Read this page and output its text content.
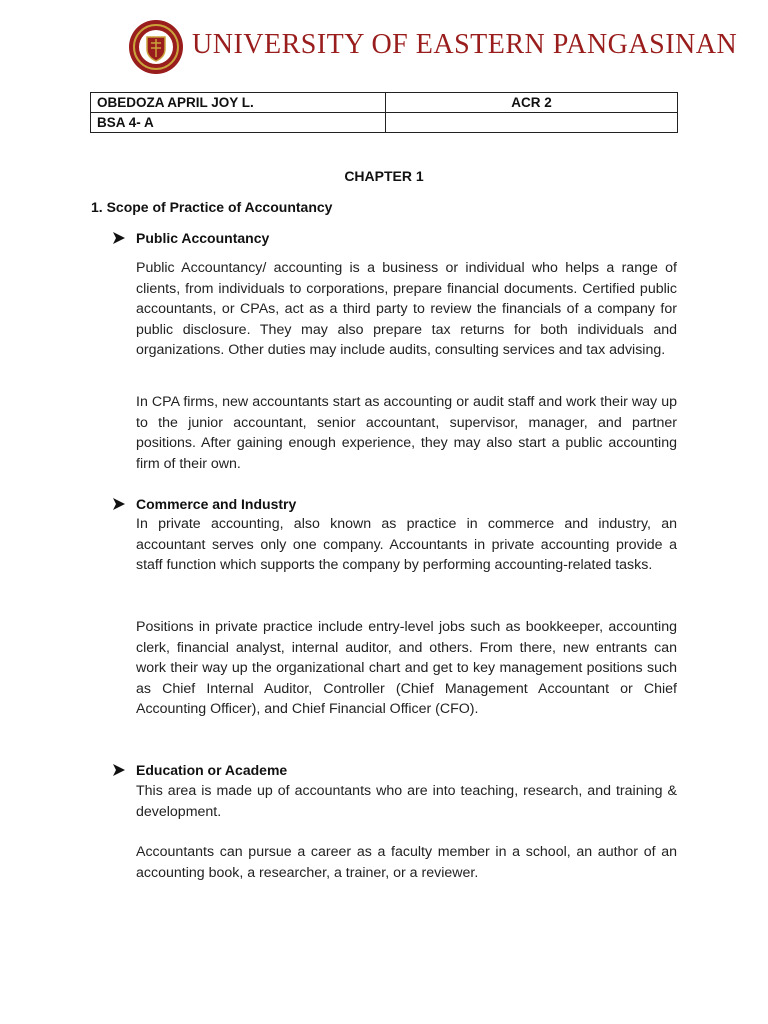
UNIVERSITY OF EASTERN PANGASINAN
OBEDOZA APRIL JOY L.	ACR 2
BSA 4- A	
CHAPTER 1
1. Scope of Practice of Accountancy
Public Accountancy
Public Accountancy/ accounting is a business or individual who helps a range of clients, from individuals to corporations, prepare financial documents. Certified public accountants, or CPAs, act as a third party to review the financials of a company for public disclosure. They may also prepare tax returns for both individuals and organizations. Other duties may include audits, consulting services and tax advising.
In CPA firms, new accountants start as accounting or audit staff and work their way up to the junior accountant, senior accountant, supervisor, manager, and partner positions. After gaining enough experience, they may also start a public accounting firm of their own.
Commerce and Industry
In private accounting, also known as practice in commerce and industry, an accountant serves only one company. Accountants in private accounting provide a staff function which supports the company by performing accounting-related tasks.
Positions in private practice include entry-level jobs such as bookkeeper, accounting clerk, financial analyst, internal auditor, and others. From there, new entrants can work their way up the organizational chart and get to key management positions such as Chief Internal Auditor, Controller (Chief Management Accountant or Chief Accounting Officer), and Chief Financial Officer (CFO).
Education or Academe
This area is made up of accountants who are into teaching, research, and training & development.
Accountants can pursue a career as a faculty member in a school, an author of an accounting book, a researcher, a trainer, or a reviewer.
